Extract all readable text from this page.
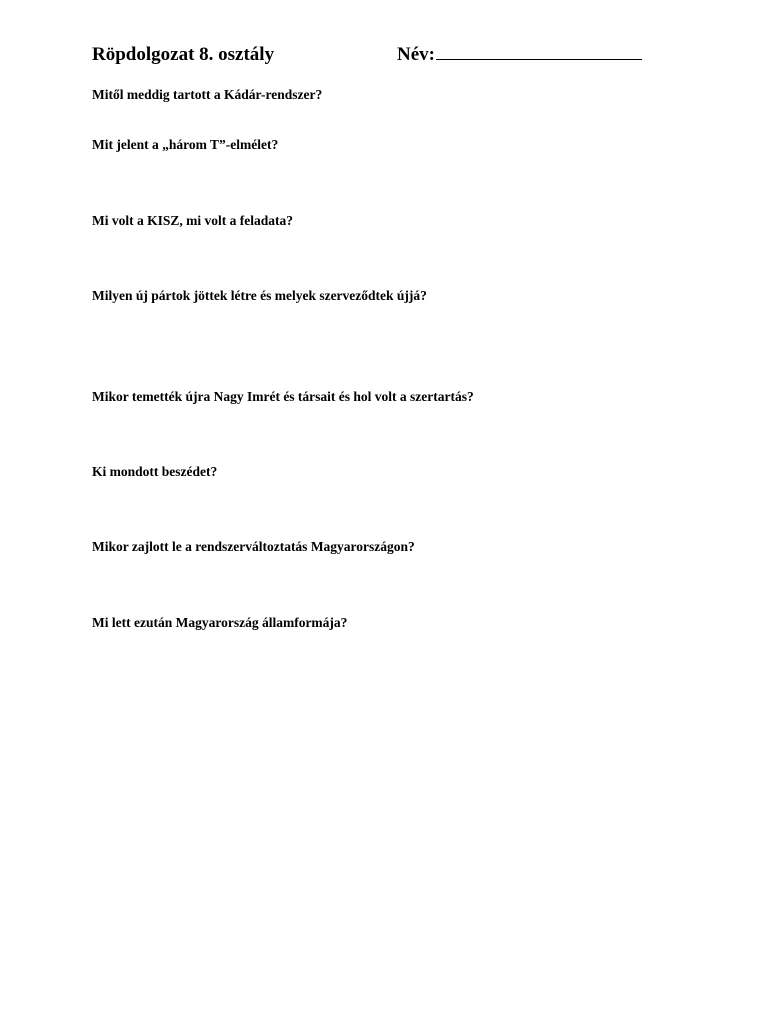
Röpdolgozat 8. osztály	Név:
Mitől meddig tartott a Kádár-rendszer?
Mit jelent a „három T”-elmélet?
Mi volt a KISZ, mi volt a feladata?
Milyen új pártok jöttek létre és melyek szerveződtek újjá?
Mikor temették újra Nagy Imrét és társait és hol volt a szertartás?
Ki mondott beszédet?
Mikor zajlott le a rendszerváltoztatás Magyarországon?
Mi lett ezután Magyarország államformája?
